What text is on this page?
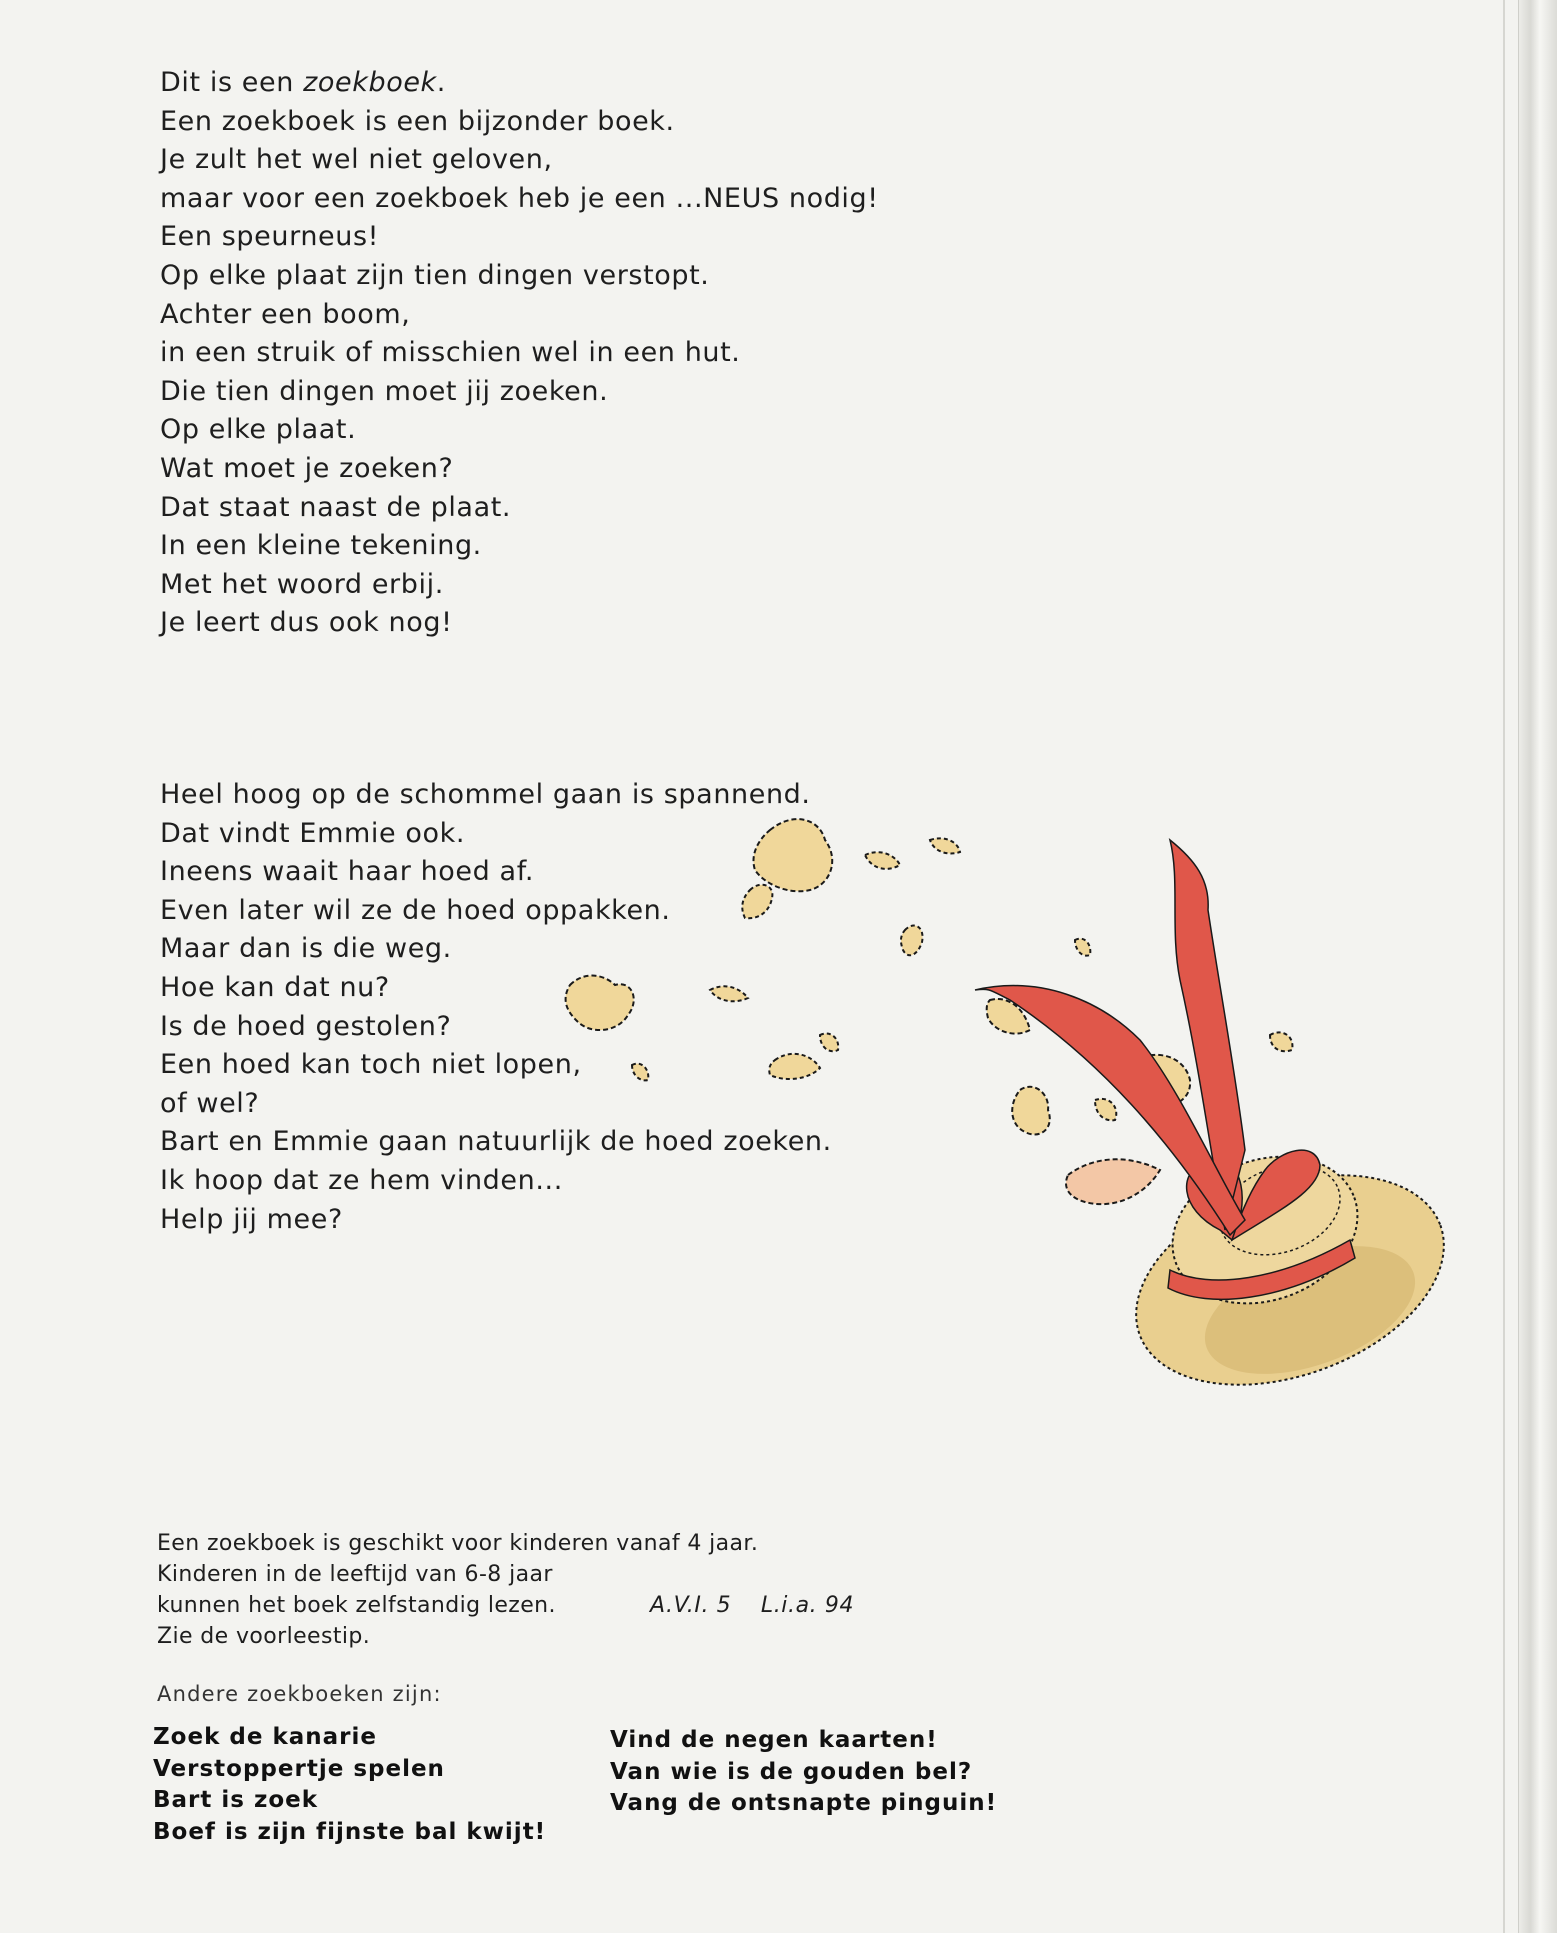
Dit is een zoekboek.
Een zoekboek is een bijzonder boek.
Je zult het wel niet geloven,
maar voor een zoekboek heb je een ...NEUS nodig!
Een speurneus!
Op elke plaat zijn tien dingen verstopt.
Achter een boom,
in een struik of misschien wel in een hut.
Die tien dingen moet jij zoeken.
Op elke plaat.
Wat moet je zoeken?
Dat staat naast de plaat.
In een kleine tekening.
Met het woord erbij.
Je leert dus ook nog!
Heel hoog op de schommel gaan is spannend.
Dat vindt Emmie ook.
Ineens waait haar hoed af.
Even later wil ze de hoed oppakken.
Maar dan is die weg.
Hoe kan dat nu?
Is de hoed gestolen?
Een hoed kan toch niet lopen,
of wel?
Bart en Emmie gaan natuurlijk de hoed zoeken.
Ik hoop dat ze hem vinden...
Help jij mee?
Een zoekboek is geschikt voor kinderen vanaf 4 jaar.
Kinderen in de leeftijd van 6-8 jaar
kunnen het boek zelfstandig lezen.
Zie de voorleestip.
A.V.I. 5 L.i.a. 94
Andere zoekboeken zijn:
Zoek de kanarie
Verstoppertje spelen
Bart is zoek
Boef is zijn fijnste bal kwijt!
Vind de negen kaarten!
Van wie is de gouden bel?
Vang de ontsnapte pinguin!
